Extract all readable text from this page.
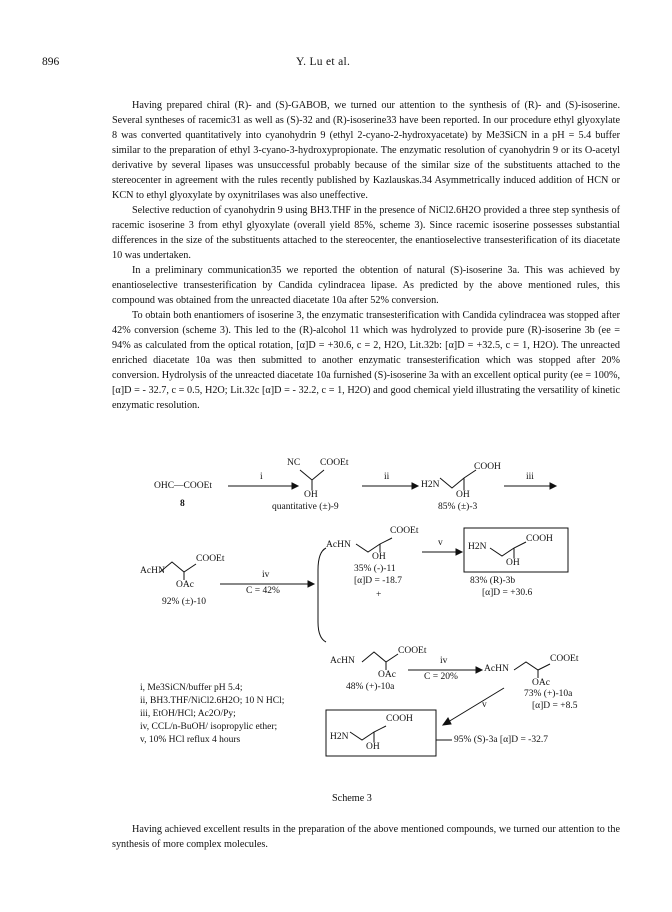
896	Y. Lu et al.

Having prepared chiral (R)- and (S)-GABOB, we turned our attention to the synthesis of (R)- and (S)-isoserine. Several syntheses of racemic31 as well as (S)-32 and (R)-isoserine33 have been reported. In our procedure ethyl glyoxylate 8 was converted quantitatively into cyanohydrin 9 (ethyl 2-cyano-2-hydroxyacetate) by Me3SiCN in a pH = 5.4 buffer similar to the preparation of ethyl 3-cyano-3-hydroxypropionate. The enzymatic resolution of cyanohydrin 9 or its O-acetyl derivative by several lipases was unsuccessful probably because of the similar size of the substituents attached to the stereocenter in agreement with the rules recently published by Kazlauskas.34 Asymmetrically induced addition of HCN or KCN to ethyl glyoxylate by oxynitrilases was also uneffective.

Selective reduction of cyanohydrin 9 using BH3.THF in the presence of NiCl2.6H2O provided a three step synthesis of racemic isoserine 3 from ethyl glyoxylate (overall yield 85%, scheme 3). Since racemic isoserine possesses substantial differences in the size of the substituents attached to the stereocenter, the enantioselective transesterification of its diacetate 10 was undertaken.

In a preliminary communication35 we reported the obtention of natural (S)-isoserine 3a. This was achieved by enantioselective transesterification by Candida cylindracea lipase. As predicted by the above mentioned rules, this compound was obtained from the unreacted diacetate 10a after 52% conversion.

To obtain both enantiomers of isoserine 3, the enzymatic transesterification with Candida cylindracea was stopped after 42% conversion (scheme 3). This led to the (R)-alcohol 11 which was hydrolyzed to provide pure (R)-isoserine 3b (ee = 94% as calculated from the optical rotation, [α]D = +30.6, c = 2, H2O, Lit.32b: [α]D = +32.5, c = 1, H2O). The unreacted enriched diacetate 10a was then submitted to another enzymatic transesterification which was stopped after 20% conversion. Hydrolysis of the unreacted diacetate 10a furnished (S)-isoserine 3a with an excellent optical purity (ee = 100%, [α]D = - 32.7, c = 0.5, H2O; Lit.32c [α]D = - 32.2, c = 1, H2O) and good chemical yield illustrating the versatility of kinetic enzymatic resolution.

OHC—COOEt
8
i
NC COOEt
OH
quantitative (±)-9
ii
H2N
COOH
OH
85% (±)-3
iii
AcHN
COOEt
OAc
92% (±)-10
iv
C = 42%
AcHN
COOEt
OH
35% (-)-11
[α]D = -18.7
+
v	H2N
COOH
OH
83% (R)-3b
[α]D = +30.6
AcHN
COOEt
OAc
48% (+)-10a
iv
C = 20%
AcHN
COOEt
OAc
73% (+)-10a
[α]D = +8.5
v
H2N
COOH
OH
95% (S)-3a [α]D = -32.7
i, Me3SiCN/buffer pH 5.4;
ii, BH3.THF/NiCl2.6H2O; 10 N HCl;
iii, EtOH/HCl; Ac2O/Py;
iv, CCL/n-BuOH/ isopropylic ether;
v, 10% HCl reflux 4 hours
Scheme 3

Having achieved excellent results in the preparation of the above mentioned compounds, we turned our attention to the synthesis of more complex molecules.
